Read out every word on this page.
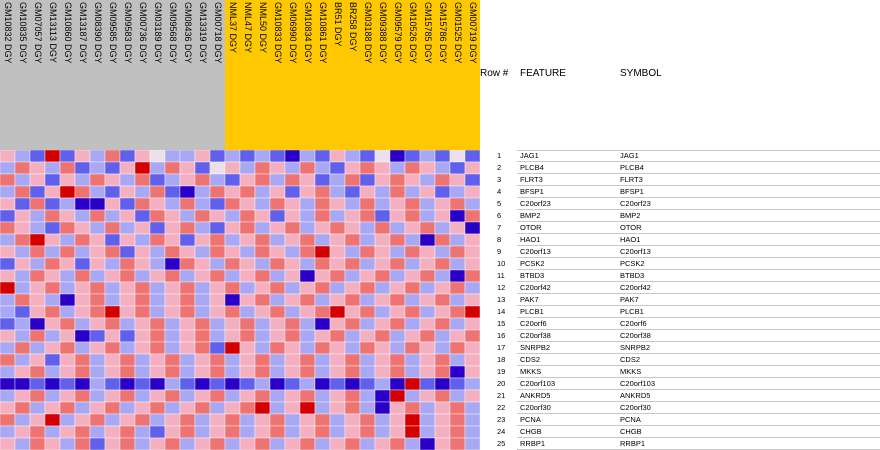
GM10832 DGY GM10835 DGY GM07057 DGY GM13113 DGY GM10860 DGY GM13187 DGY GM08390 DGY GM09585 DGY GM09583 DGY GM00736 DGY GM03189 DGY GM09568 DGY GM08436 DGY GM13319 DGY GM00718 DGY NML37 DGY NML47 DGY NML50 DGY GM10833 DGY GM06990 DGY GM10834 DGY GM10861 DGY BR51 DGY BR258 DGY GM03188 DGY GM09388 DGY GM09579 DGY GM10526 DGY GM15785 DGY GM15786 DGY GM01525 DGY GM00719 DGY
Row # FEATURE	SYMBOL
1	JAG1	JAG1
2	PLCB4	PLCB4
3	FLRT3	FLRT3
4	BFSP1	BFSP1
5	C20orf23	C20orf23
6	BMP2	BMP2
7	OTOR	OTOR
8	HAO1	HAO1
9	C20orf13	C20orf13
10 PCSK2	PCSK2
11 BTBD3	BTBD3
12 C20orf42	C20orf42
13 PAK7	PAK7
14 PLCB1	PLCB1
15 C20orf6	C20orf6
16 C20orf38	C20orf38
17 SNRPB2	SNRPB2
18 CDS2	CDS2
19 MKKS	MKKS
20 C20orf103	C20orf103
21 ANKRD5	ANKRD5
22 C20orf30	C20orf30
23 PCNA	PCNA
24 CHGB	CHGB
25 RRBP1	RRBP1
